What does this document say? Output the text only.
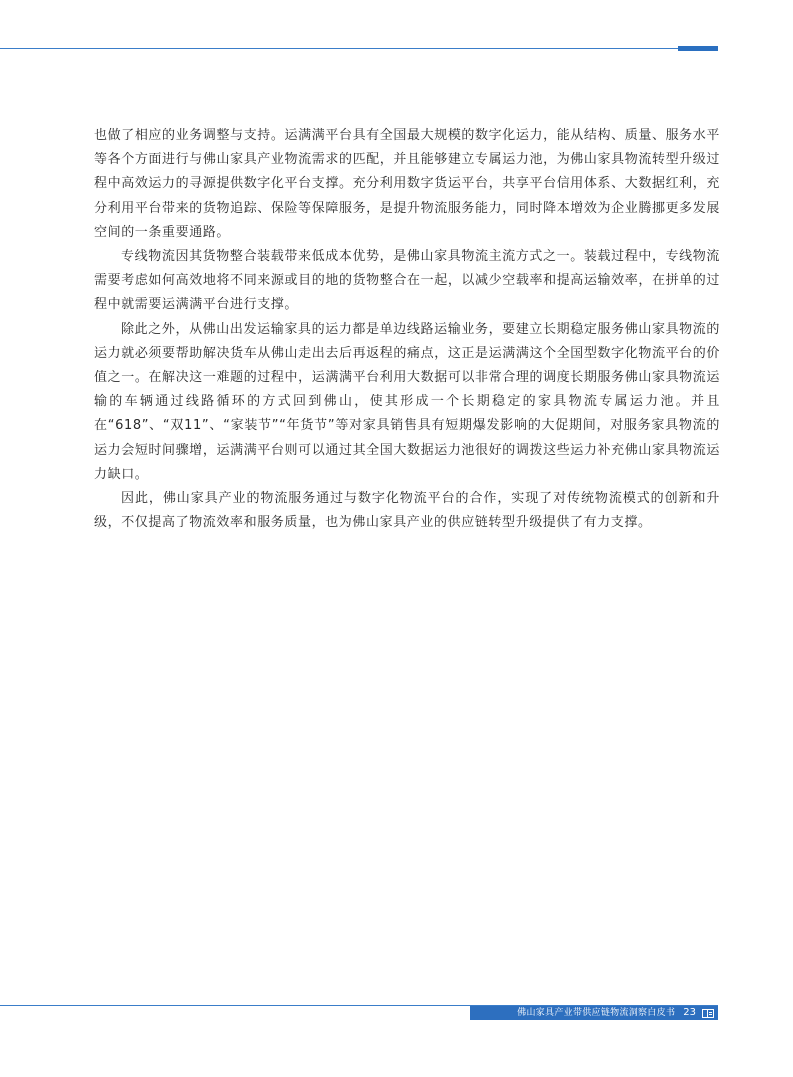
也做了相应的业务调整与支持。运满满平台具有全国最大规模的数字化运力，能从结构、质量、服务水平等各个方面进行与佛山家具产业物流需求的匹配，并且能够建立专属运力池，为佛山家具物流转型升级过程中高效运力的寻源提供数字化平台支撑。充分利用数字货运平台，共享平台信用体系、大数据红利，充分利用平台带来的货物追踪、保险等保障服务，是提升物流服务能力，同时降本增效为企业腾挪更多发展空间的一条重要通路。

专线物流因其货物整合装载带来低成本优势，是佛山家具物流主流方式之一。装载过程中，专线物流需要考虑如何高效地将不同来源或目的地的货物整合在一起，以减少空载率和提高运输效率，在拼单的过程中就需要运满满平台进行支撑。

除此之外，从佛山出发运输家具的运力都是单边线路运输业务，要建立长期稳定服务佛山家具物流的运力就必须要帮助解决货车从佛山走出去后再返程的痛点，这正是运满满这个全国型数字化物流平台的价值之一。在解决这一难题的过程中，运满满平台利用大数据可以非常合理的调度长期服务佛山家具物流运输的车辆通过线路循环的方式回到佛山，使其形成一个长期稳定的家具物流专属运力池。并且在“618”、“双11”、“家装节”“年货节”等对家具销售具有短期爆发影响的大促期间，对服务家具物流的运力会短时间骤增，运满满平台则可以通过其全国大数据运力池很好的调拨这些运力补充佛山家具物流运力缺口。

因此，佛山家具产业的物流服务通过与数字化物流平台的合作，实现了对传统物流模式的创新和升级，不仅提高了物流效率和服务质量，也为佛山家具产业的供应链转型升级提供了有力支撑。

佛山家具产业带供应链物流洞察白皮书 23
